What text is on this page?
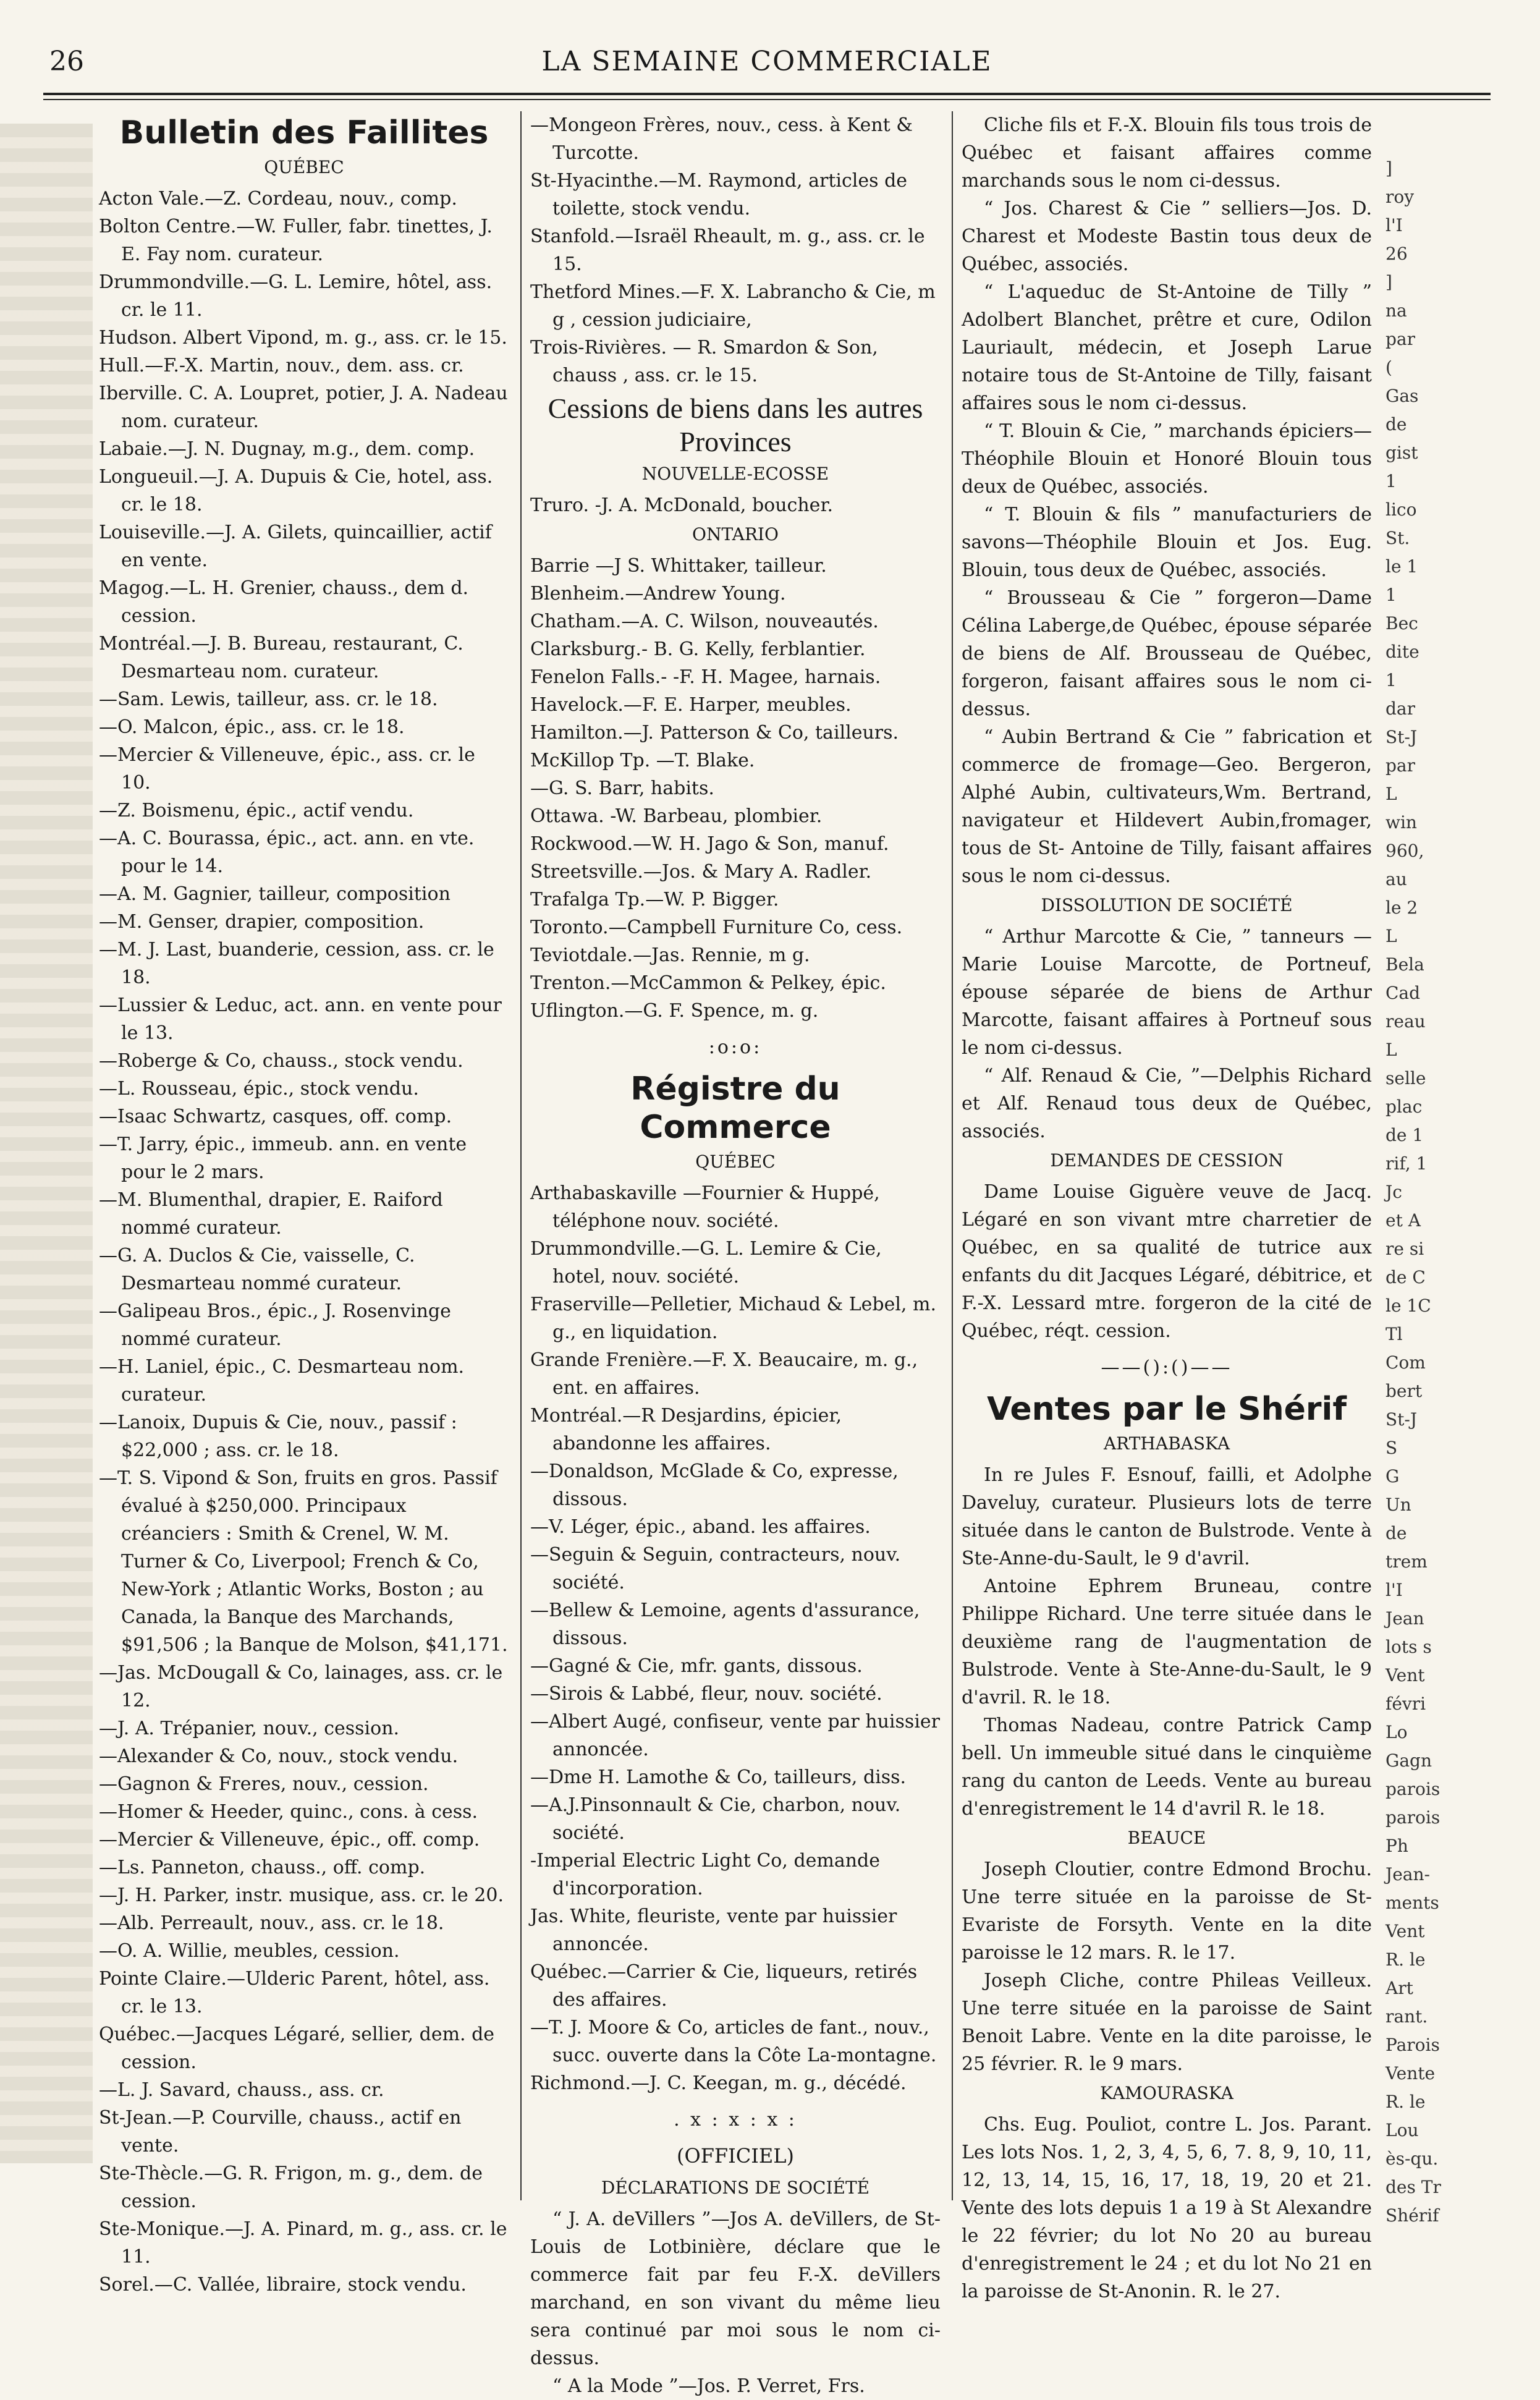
26	LA SEMAINE COMMERCIALE
Bulletin des Faillites
QUÉBEC

Acton Vale.—Z. Cordeau, nouv., comp.

Bolton Centre.—W. Fuller, fabr. tinettes, J. E. Fay nom. curateur.

Drummondville.—G. L. Lemire, hôtel, ass. cr. le 11.

Hudson. Albert Vipond, m. g., ass. cr. le 15.

Hull.—F.-X. Martin, nouv., dem. ass. cr.

Iberville. C. A. Loupret, potier, J. A. Nadeau nom. curateur.

Labaie.—J. N. Dugnay, m.g., dem. comp.

Longueuil.—J. A. Dupuis & Cie, hotel, ass. cr. le 18.

Louiseville.—J. A. Gilets, quincaillier, actif en vente.

Magog.—L. H. Grenier, chauss., dem d. cession.

Montréal.—J. B. Bureau, restaurant, C. Desmarteau nom. curateur.

—Sam. Lewis, tailleur, ass. cr. le 18.

—O. Malcon, épic., ass. cr. le 18.

—Mercier & Villeneuve, épic., ass. cr. le 10.

—Z. Boismenu, épic., actif vendu.

—A. C. Bourassa, épic., act. ann. en vte. pour le 14.

—A. M. Gagnier, tailleur, composition

—M. Genser, drapier, composition.

—M. J. Last, buanderie, cession, ass. cr. le 18.

—Lussier & Leduc, act. ann. en vente pour le 13.

—Roberge & Co, chauss., stock vendu.

—L. Rousseau, épic., stock vendu.

—Isaac Schwartz, casques, off. comp.

—T. Jarry, épic., immeub. ann. en vente pour le 2 mars.

—M. Blumenthal, drapier, E. Raiford nommé curateur.

—G. A. Duclos & Cie, vaisselle, C. Desmarteau nommé curateur.

—Galipeau Bros., épic., J. Rosenvinge nommé curateur.

—H. Laniel, épic., C. Desmarteau nom. curateur.

—Lanoix, Dupuis & Cie, nouv., passif : $22,000 ; ass. cr. le 18.

—T. S. Vipond & Son, fruits en gros. Passif évalué à $250,000. Principaux créanciers : Smith & Crenel, W. M. Turner & Co, Liverpool; French & Co, New-York ; Atlantic Works, Boston ; au Canada, la Banque des Marchands, $91,506 ; la Banque de Molson, $41,171.

—Jas. McDougall & Co, lainages, ass. cr. le 12.

—J. A. Trépanier, nouv., cession.

—Alexander & Co, nouv., stock vendu.

—Gagnon & Freres, nouv., cession.

—Homer & Heeder, quinc., cons. à cess.

—Mercier & Villeneuve, épic., off. comp.

—Ls. Panneton, chauss., off. comp.

—J. H. Parker, instr. musique, ass. cr. le 20.

—Alb. Perreault, nouv., ass. cr. le 18.

—O. A. Willie, meubles, cession.

Pointe Claire.—Ulderic Parent, hôtel, ass. cr. le 13.

Québec.—Jacques Légaré, sellier, dem. de cession.

—L. J. Savard, chauss., ass. cr.

St-Jean.—P. Courville, chauss., actif en vente.

Ste-Thècle.—G. R. Frigon, m. g., dem. de cession.

Ste-Monique.—J. A. Pinard, m. g., ass. cr. le 11.

Sorel.—C. Vallée, libraire, stock vendu.

—Mongeon Frères, nouv., cess. à Kent & Turcotte.

St-Hyacinthe.—M. Raymond, articles de toilette, stock vendu.

Stanfold.—Israël Rheault, m. g., ass. cr. le 15.

Thetford Mines.—F. X. Labrancho & Cie, m g , cession judiciaire,

Trois-Rivières. — R. Smardon & Son, chauss , ass. cr. le 15.

Cessions de biens dans les autres Provinces
NOUVELLE-ECOSSE

Truro. -J. A. McDonald, boucher.

ONTARIO

Barrie —J S. Whittaker, tailleur.

Blenheim.—Andrew Young.

Chatham.—A. C. Wilson, nouveautés.

Clarksburg.- B. G. Kelly, ferblantier.

Fenelon Falls.- -F. H. Magee, harnais.

Havelock.—F. E. Harper, meubles.

Hamilton.—J. Patterson & Co, tailleurs.

McKillop Tp. —T. Blake.

—G. S. Barr, habits.

Ottawa. -W. Barbeau, plombier.

Rockwood.—W. H. Jago & Son, manuf.

Streetsville.—Jos. & Mary A. Radler.

Trafalga Tp.—W. P. Bigger.

Toronto.—Campbell Furniture Co, cess.

Teviotdale.—Jas. Rennie, m g.

Trenton.—McCammon & Pelkey, épic.

Uflington.—G. F. Spence, m. g.

:o:o:
Régistre du Commerce
QUÉBEC

Arthabaskaville —Fournier & Huppé, téléphone nouv. société.

Drummondville.—G. L. Lemire & Cie, hotel, nouv. société.

Fraserville—Pelletier, Michaud & Lebel, m. g., en liquidation.

Grande Frenière.—F. X. Beaucaire, m. g., ent. en affaires.

Montréal.—R Desjardins, épicier, abandonne les affaires.

—Donaldson, McGlade & Co, expresse, dissous.

—V. Léger, épic., aband. les affaires.

—Seguin & Seguin, contracteurs, nouv. société.

—Bellew & Lemoine, agents d'assurance, dissous.

—Gagné & Cie, mfr. gants, dissous.

—Sirois & Labbé, fleur, nouv. société.

—Albert Augé, confiseur, vente par huissier annoncée.

—Dme H. Lamothe & Co, tailleurs, diss.

—A.J.Pinsonnault & Cie, charbon, nouv. société.

-Imperial Electric Light Co, demande d'incorporation.

Jas. White, fleuriste, vente par huissier annoncée.

Québec.—Carrier & Cie, liqueurs, retirés des affaires.

—T. J. Moore & Co, articles de fant., nouv., succ. ouverte dans la Côte La-montagne.

Richmond.—J. C. Keegan, m. g., décédé.

. x : x : x :
(OFFICIEL)
DÉCLARATIONS DE SOCIÉTÉ

“ J. A. deVillers ”—Jos A. deVillers, de St-Louis de Lotbinière, déclare que le commerce fait par feu F.-X. deVillers marchand, en son vivant du même lieu sera continué par moi sous le nom ci-dessus.

“ A la Mode ”—Jos. P. Verret, Frs.

Cliche fils et F.-X. Blouin fils tous trois de Québec et faisant affaires comme marchands sous le nom ci-dessus.

“ Jos. Charest & Cie ” selliers—Jos. D. Charest et Modeste Bastin tous deux de Québec, associés.

“ L'aqueduc de St-Antoine de Tilly ” Adolbert Blanchet, prêtre et cure, Odilon Lauriault, médecin, et Joseph Larue notaire tous de St-Antoine de Tilly, faisant affaires sous le nom ci-dessus.

“ T. Blouin & Cie, ” marchands épiciers—Théophile Blouin et Honoré Blouin tous deux de Québec, associés.

“ T. Blouin & fils ” manufacturiers de savons—Théophile Blouin et Jos. Eug. Blouin, tous deux de Québec, associés.

“ Brousseau & Cie ” forgeron—Dame Célina Laberge,de Québec, épouse séparée de biens de Alf. Brousseau de Québec, forgeron, faisant affaires sous le nom ci-dessus.

“ Aubin Bertrand & Cie ” fabrication et commerce de fromage—Geo. Bergeron, Alphé Aubin, cultivateurs,Wm. Bertrand, navigateur et Hildevert Aubin,fromager, tous de St- Antoine de Tilly, faisant affaires sous le nom ci-dessus.

DISSOLUTION DE SOCIÉTÉ

“ Arthur Marcotte & Cie, ” tanneurs —Marie Louise Marcotte, de Portneuf, épouse séparée de biens de Arthur Marcotte, faisant affaires à Portneuf sous le nom ci-dessus.

“ Alf. Renaud & Cie, ”—Delphis Richard et Alf. Renaud tous deux de Québec, associés.

DEMANDES DE CESSION

Dame Louise Giguère veuve de Jacq. Légaré en son vivant mtre charretier de Québec, en sa qualité de tutrice aux enfants du dit Jacques Légaré, débitrice, et F.-X. Lessard mtre. forgeron de la cité de Québec, réqt. cession.

——():()——
Ventes par le Shérif
ARTHABASKA

In re Jules F. Esnouf, failli, et Adolphe Daveluy, curateur. Plusieurs lots de terre située dans le canton de Bulstrode. Vente à Ste-Anne-du-Sault, le 9 d'avril.

Antoine Ephrem Bruneau, contre Philippe Richard. Une terre située dans le deuxième rang de l'augmentation de Bulstrode. Vente à Ste-Anne-du-Sault, le 9 d'avril. R. le 18.

Thomas Nadeau, contre Patrick Camp bell. Un immeuble situé dans le cinquième rang du canton de Leeds. Vente au bureau d'enregistrement le 14 d'avril R. le 18.

BEAUCE

Joseph Cloutier, contre Edmond Brochu. Une terre située en la paroisse de St-Evariste de Forsyth. Vente en la dite paroisse le 12 mars. R. le 17.

Joseph Cliche, contre Phileas Veilleux. Une terre située en la paroisse de Saint Benoit Labre. Vente en la dite paroisse, le 25 février. R. le 9 mars.

KAMOURASKA

Chs. Eug. Pouliot, contre L. Jos. Parant. Les lots Nos. 1, 2, 3, 4, 5, 6, 7. 8, 9, 10, 11, 12, 13, 14, 15, 16, 17, 18, 19, 20 et 21. Vente des lots depuis 1 a 19 à St Alexandre le 22 février; du lot No 20 au bureau d'enregistrement le 24 ; et du lot No 21 en la paroisse de St-Anonin. R. le 27.

]
roy
l'I
26
]
na
par
(
Gas
de
gist
1
lico
St.
le 1
1
Bec
dite
1
dar
St-J
par
L
win
960,
au
le 2
L
Bela
Cad
reau
L
selle
plac
de 1
rif, 1
Jc
et A
re si
de C
le 1C
Tl
Com
bert
St-J
S
G
Un
de
trem
l'I
Jean
lots s
Vent
févri
Lo
Gagn
parois
parois
Ph
Jean-
ments
Vent
R. le
Art
rant.
Parois
Vente
R. le
Lou
ès-qu.
des Tr
Shérif
